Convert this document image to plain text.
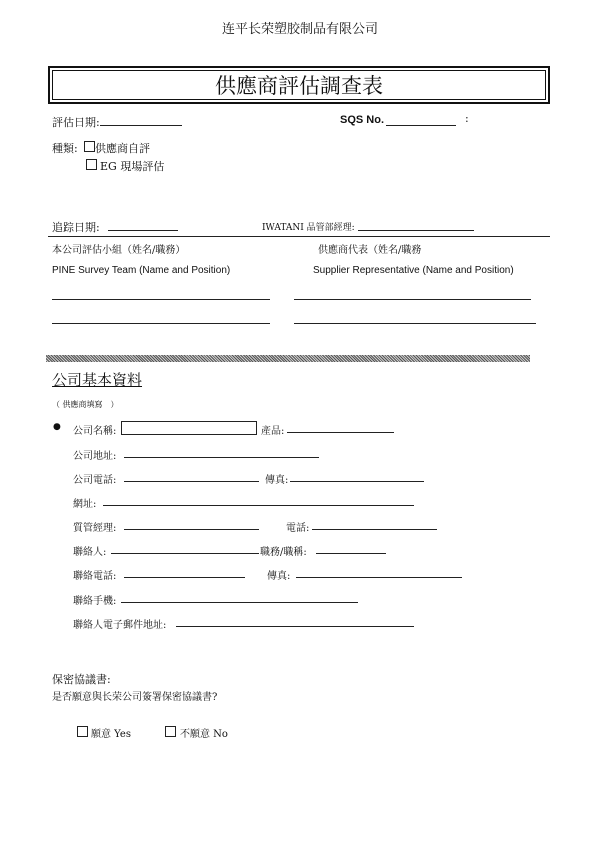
连平长荣塑胶制品有限公司
供應商評估調查表
評估日期:	SQS No.	:
種類: 供應商自評
EG 現場評估
追踪日期:	IWATANI 品管部經理:
本公司評估小組（姓名/職務）	供應商代表（姓名/職務
PINE Survey Team (Name and Position)	Supplier Representative (Name and Position)
公司基本資料
（ 供應商填寫　）
● 公司名稱:	產品:
公司地址:
公司電話:	傳真:
網址:
質管經理:	電話:
聯絡人:	職務/職稱:
聯絡電話:	傳真:
聯絡手機:
聯絡人電子郵件地址:
保密協議書:
是否願意與长荣公司簽署保密協議書?
願意 Yes	不願意 No
